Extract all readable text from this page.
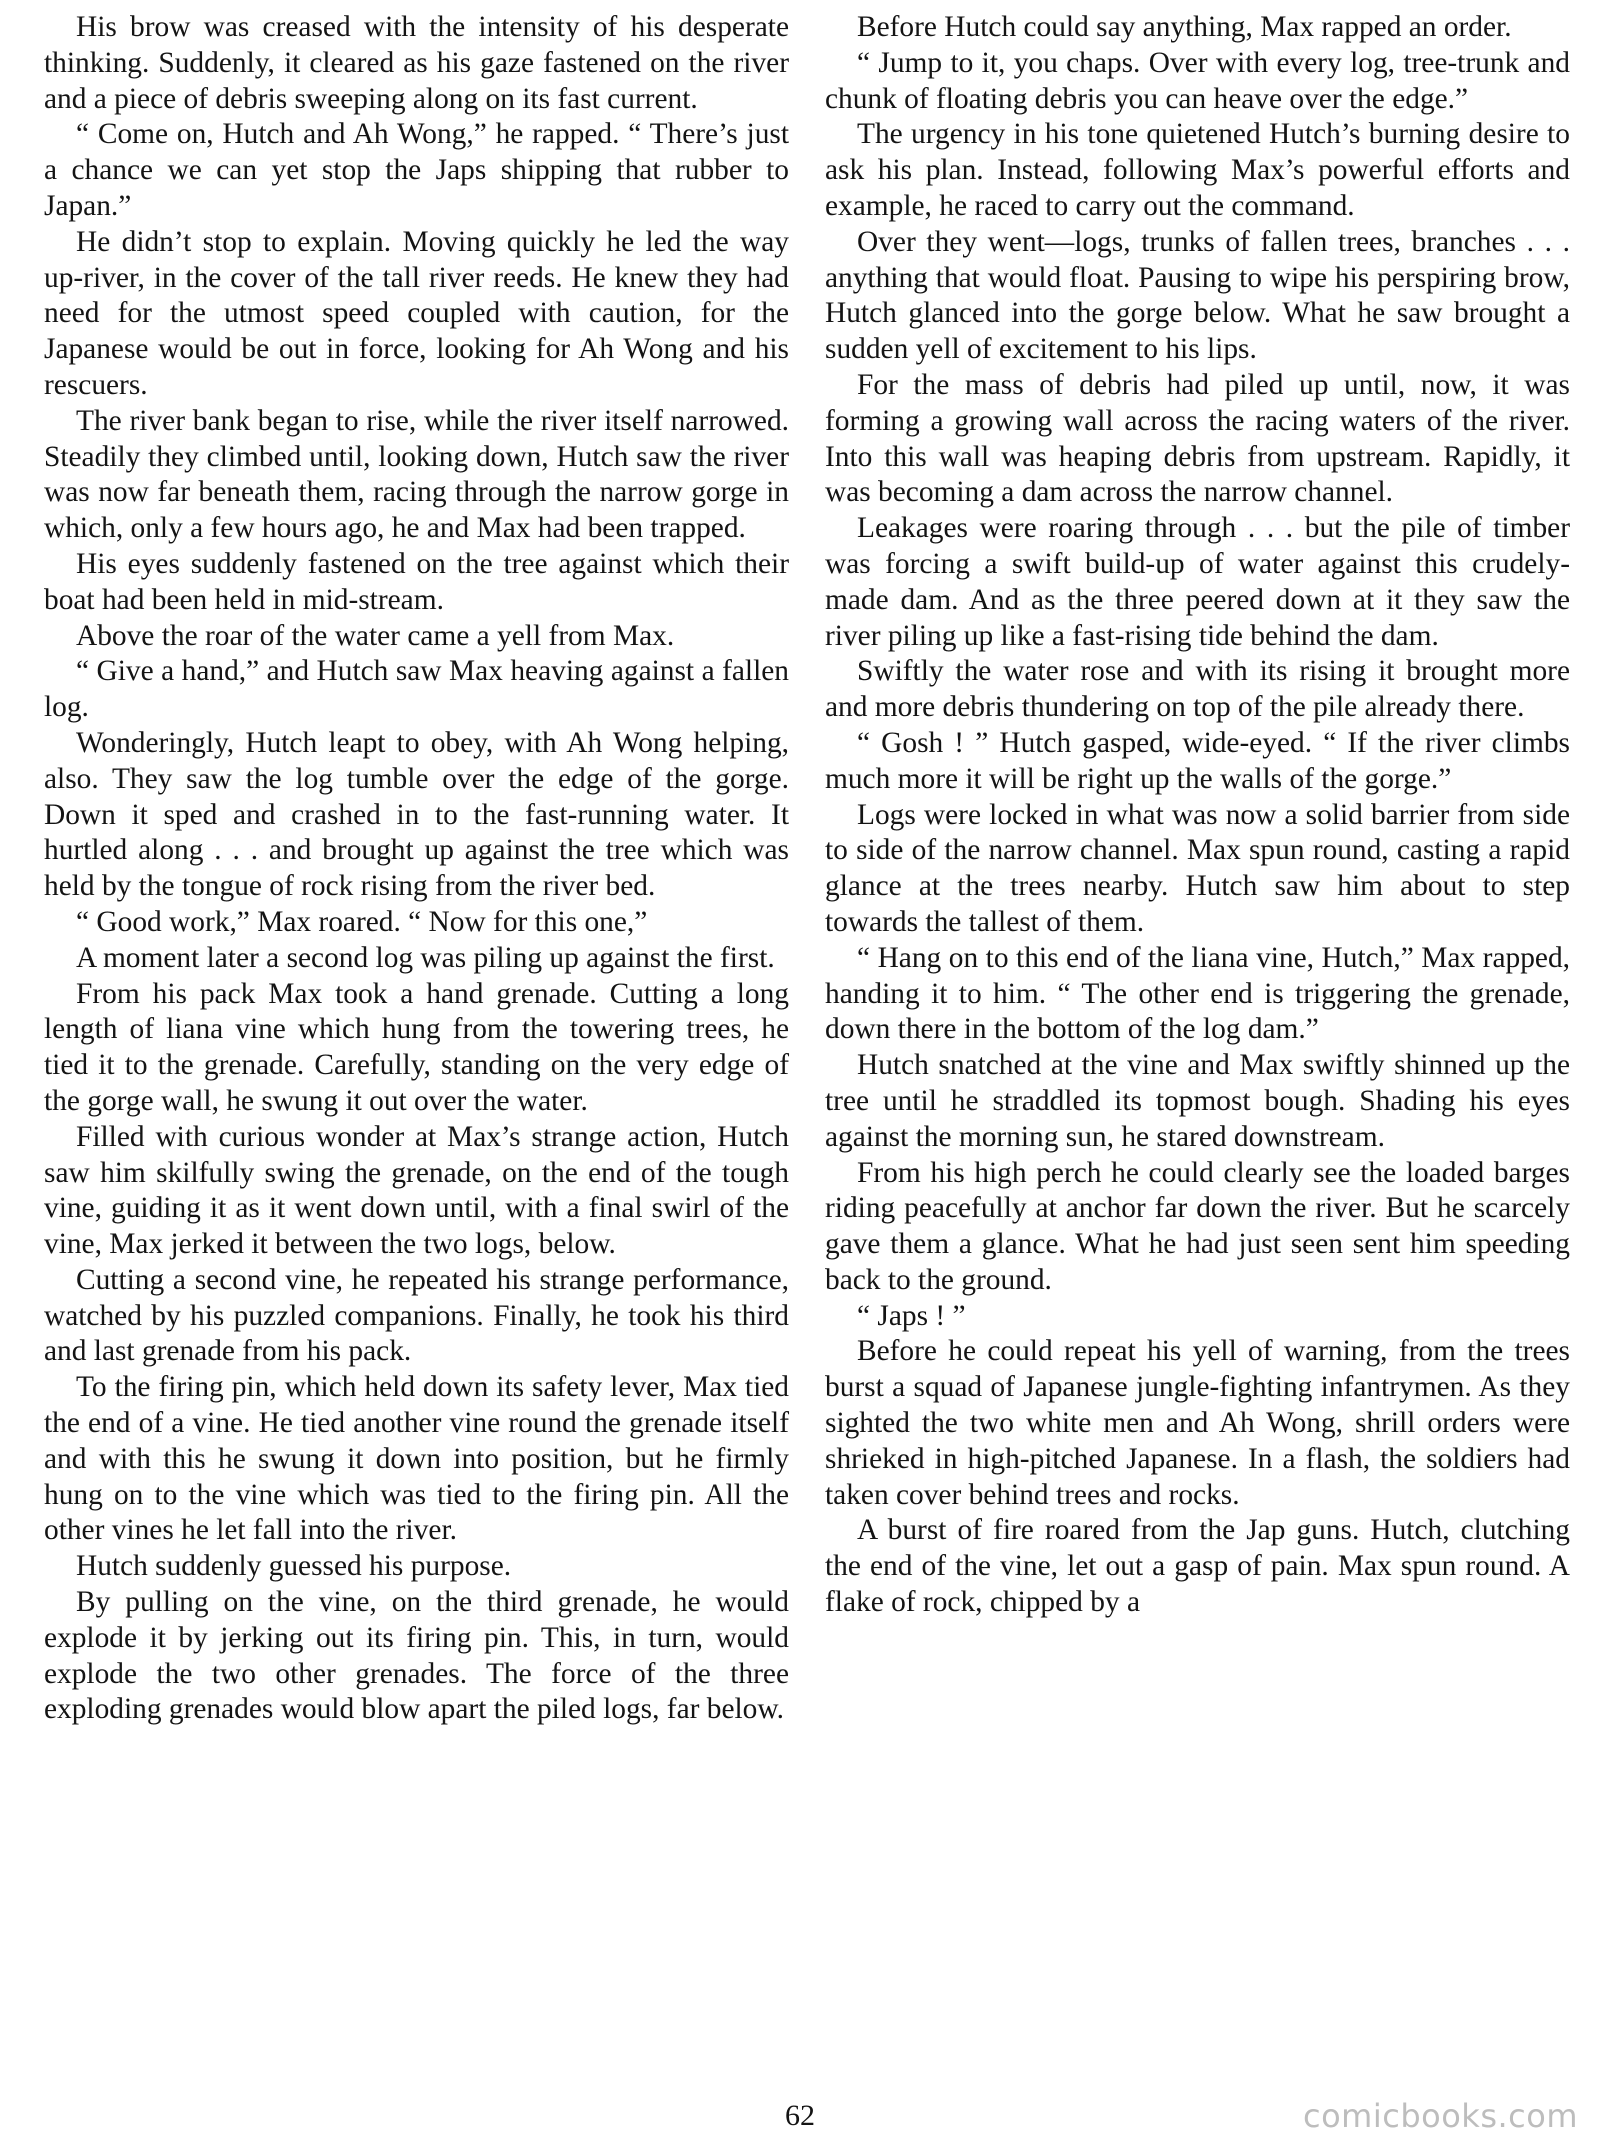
His brow was creased with the intensity of his desperate thinking. Suddenly, it cleared as his gaze fastened on the river and a piece of debris sweeping along on its fast current.

“ Come on, Hutch and Ah Wong,” he rapped. “ There’s just a chance we can yet stop the Japs shipping that rubber to Japan.”

He didn’t stop to explain. Moving quickly he led the way up-river, in the cover of the tall river reeds. He knew they had need for the utmost speed coupled with caution, for the Japanese would be out in force, looking for Ah Wong and his rescuers.

The river bank began to rise, while the river itself narrowed. Steadily they climbed until, looking down, Hutch saw the river was now far beneath them, racing through the narrow gorge in which, only a few hours ago, he and Max had been trapped.

His eyes suddenly fastened on the tree against which their boat had been held in mid-stream.

Above the roar of the water came a yell from Max.

“ Give a hand,” and Hutch saw Max heaving against a fallen log.

Wonderingly, Hutch leapt to obey, with Ah Wong helping, also. They saw the log tumble over the edge of the gorge. Down it sped and crashed in to the fast-running water. It hurtled along . . . and brought up against the tree which was held by the tongue of rock rising from the river bed.

“ Good work,” Max roared. “ Now for this one,”

A moment later a second log was piling up against the first.

From his pack Max took a hand grenade. Cutting a long length of liana vine which hung from the towering trees, he tied it to the grenade. Carefully, standing on the very edge of the gorge wall, he swung it out over the water.

Filled with curious wonder at Max’s strange action, Hutch saw him skilfully swing the grenade, on the end of the tough vine, guiding it as it went down until, with a final swirl of the vine, Max jerked it between the two logs, below.

Cutting a second vine, he repeated his strange performance, watched by his puzzled companions. Finally, he took his third and last grenade from his pack.

To the firing pin, which held down its safety lever, Max tied the end of a vine. He tied another vine round the grenade itself and with this he swung it down into position, but he firmly hung on to the vine which was tied to the firing pin. All the other vines he let fall into the river.

Hutch suddenly guessed his purpose.

By pulling on the vine, on the third grenade, he would explode it by jerking out its firing pin. This, in turn, would explode the two other grenades. The force of the three exploding grenades would blow apart the piled logs, far below.

Before Hutch could say anything, Max rapped an order.

“ Jump to it, you chaps. Over with every log, tree-trunk and chunk of floating debris you can heave over the edge.”

The urgency in his tone quietened Hutch’s burning desire to ask his plan. Instead, following Max’s powerful efforts and example, he raced to carry out the command.

Over they went—logs, trunks of fallen trees, branches . . . anything that would float. Pausing to wipe his perspiring brow, Hutch glanced into the gorge below. What he saw brought a sudden yell of excitement to his lips.

For the mass of debris had piled up until, now, it was forming a growing wall across the racing waters of the river. Into this wall was heaping debris from upstream. Rapidly, it was becoming a dam across the narrow channel.

Leakages were roaring through . . . but the pile of timber was forcing a swift build-up of water against this crudely-made dam. And as the three peered down at it they saw the river piling up like a fast-rising tide behind the dam.

Swiftly the water rose and with its rising it brought more and more debris thundering on top of the pile already there.

“ Gosh ! ” Hutch gasped, wide-eyed. “ If the river climbs much more it will be right up the walls of the gorge.”

Logs were locked in what was now a solid barrier from side to side of the narrow channel. Max spun round, casting a rapid glance at the trees nearby. Hutch saw him about to step towards the tallest of them.

“ Hang on to this end of the liana vine, Hutch,” Max rapped, handing it to him. “ The other end is triggering the grenade, down there in the bottom of the log dam.”

Hutch snatched at the vine and Max swiftly shinned up the tree until he straddled its topmost bough. Shading his eyes against the morning sun, he stared downstream.

From his high perch he could clearly see the loaded barges riding peacefully at anchor far down the river. But he scarcely gave them a glance. What he had just seen sent him speeding back to the ground.

“ Japs ! ”

Before he could repeat his yell of warning, from the trees burst a squad of Japanese jungle-fighting infantrymen. As they sighted the two white men and Ah Wong, shrill orders were shrieked in high-pitched Japanese. In a flash, the soldiers had taken cover behind trees and rocks.

A burst of fire roared from the Jap guns. Hutch, clutching the end of the vine, let out a gasp of pain. Max spun round. A flake of rock, chipped by a

62	comicbooks.com
